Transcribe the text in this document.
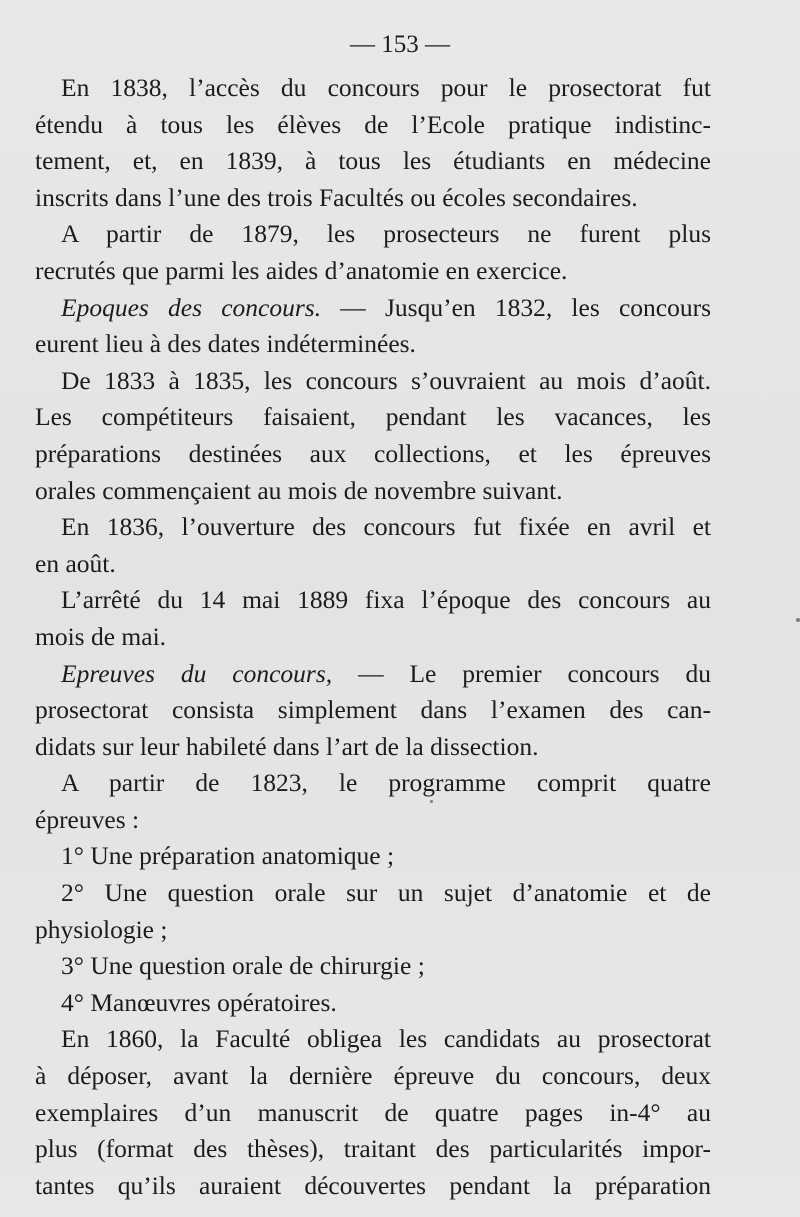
— 153 —
En 1838, l’accès du concours pour le prosectorat fut
étendu à tous les élèves de l’Ecole pratique indistinc-
tement, et, en 1839, à tous les étudiants en médecine
inscrits dans l’une des trois Facultés ou écoles secondaires.
A partir de 1879, les prosecteurs ne furent plus
recrutés que parmi les aides d’anatomie en exercice.
Epoques des concours. — Jusqu’en 1832, les concours
eurent lieu à des dates indéterminées.
De 1833 à 1835, les concours s’ouvraient au mois d’août.
Les compétiteurs faisaient, pendant les vacances, les
préparations destinées aux collections, et les épreuves
orales commençaient au mois de novembre suivant.
En 1836, l’ouverture des concours fut fixée en avril et
en août.
L’arrêté du 14 mai 1889 fixa l’époque des concours au
mois de mai.
Epreuves du concours, — Le premier concours du
prosectorat consista simplement dans l’examen des can-
didats sur leur habileté dans l’art de la dissection.
A partir de 1823, le programme comprit quatre
épreuves :
1° Une préparation anatomique ;
2° Une question orale sur un sujet d’anatomie et de
physiologie ;
3° Une question orale de chirurgie ;
4° Manœuvres opératoires.
En 1860, la Faculté obligea les candidats au prosectorat
à déposer, avant la dernière épreuve du concours, deux
exemplaires d’un manuscrit de quatre pages in-4° au
plus (format des thèses), traitant des particularités impor-
tantes qu’ils auraient découvertes pendant la préparation
